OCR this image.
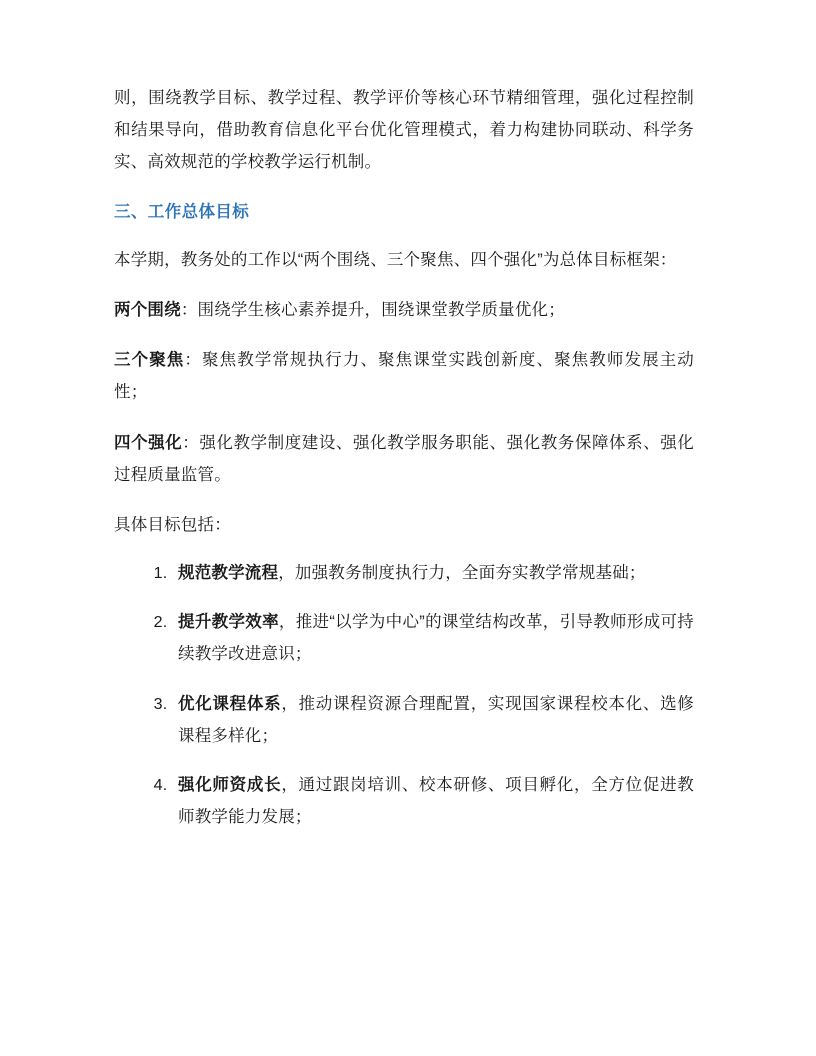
则，围绕教学目标、教学过程、教学评价等核心环节精细管理，强化过程控制和结果导向，借助教育信息化平台优化管理模式，着力构建协同联动、科学务实、高效规范的学校教学运行机制。

三、工作总体目标

本学期，教务处的工作以“两个围绕、三个聚焦、四个强化”为总体目标框架：

两个围绕：围绕学生核心素养提升，围绕课堂教学质量优化；

三个聚焦：聚焦教学常规执行力、聚焦课堂实践创新度、聚焦教师发展主动性；

四个强化：强化教学制度建设、强化教学服务职能、强化教务保障体系、强化过程质量监管。

具体目标包括：

1. 规范教学流程，加强教务制度执行力，全面夯实教学常规基础；
2. 提升教学效率，推进“以学为中心”的课堂结构改革，引导教师形成可持续教学改进意识；
3. 优化课程体系，推动课程资源合理配置，实现国家课程校本化、选修课程多样化；
4. 强化师资成长，通过跟岗培训、校本研修、项目孵化，全方位促进教师教学能力发展；
